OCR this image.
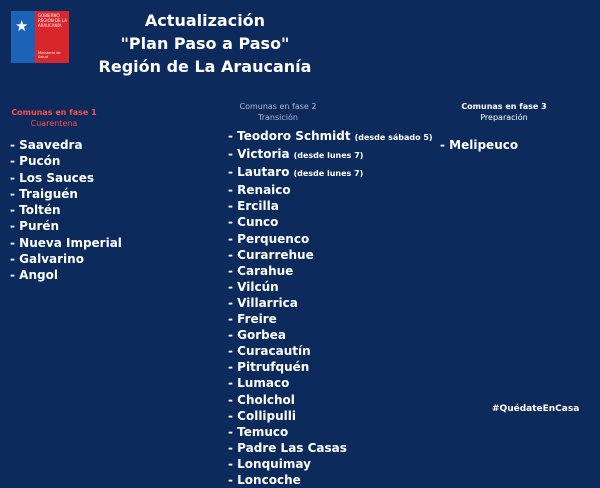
★
GOBIERNO
REGIÓN DE LA ARAUCANÍA
Ministerio de
Salud
Actualización
"Plan Paso a Paso"
Región de La Araucanía
Comunas en fase 1
Cuarentena
Comunas en fase 2
Transición
Comunas en fase 3
Preparación
- Saavedra
- Pucón
- Los Sauces
- Traiguén
- Toltén
- Purén
- Nueva Imperial
- Galvarino
- Angol
- Teodoro Schmidt (desde sábado 5)
- Victoria (desde lunes 7)
- Lautaro (desde lunes 7)
- Renaico
- Ercilla
- Cunco
- Perquenco
- Curarrehue
- Carahue
- Vilcún
- Villarrica
- Freire
- Gorbea
- Curacautín
- Pitrufquén
- Lumaco
- Cholchol
- Collipulli
- Temuco
- Padre Las Casas
- Lonquimay
- Loncoche
- Melipeuco
#QuédateEnCasa
